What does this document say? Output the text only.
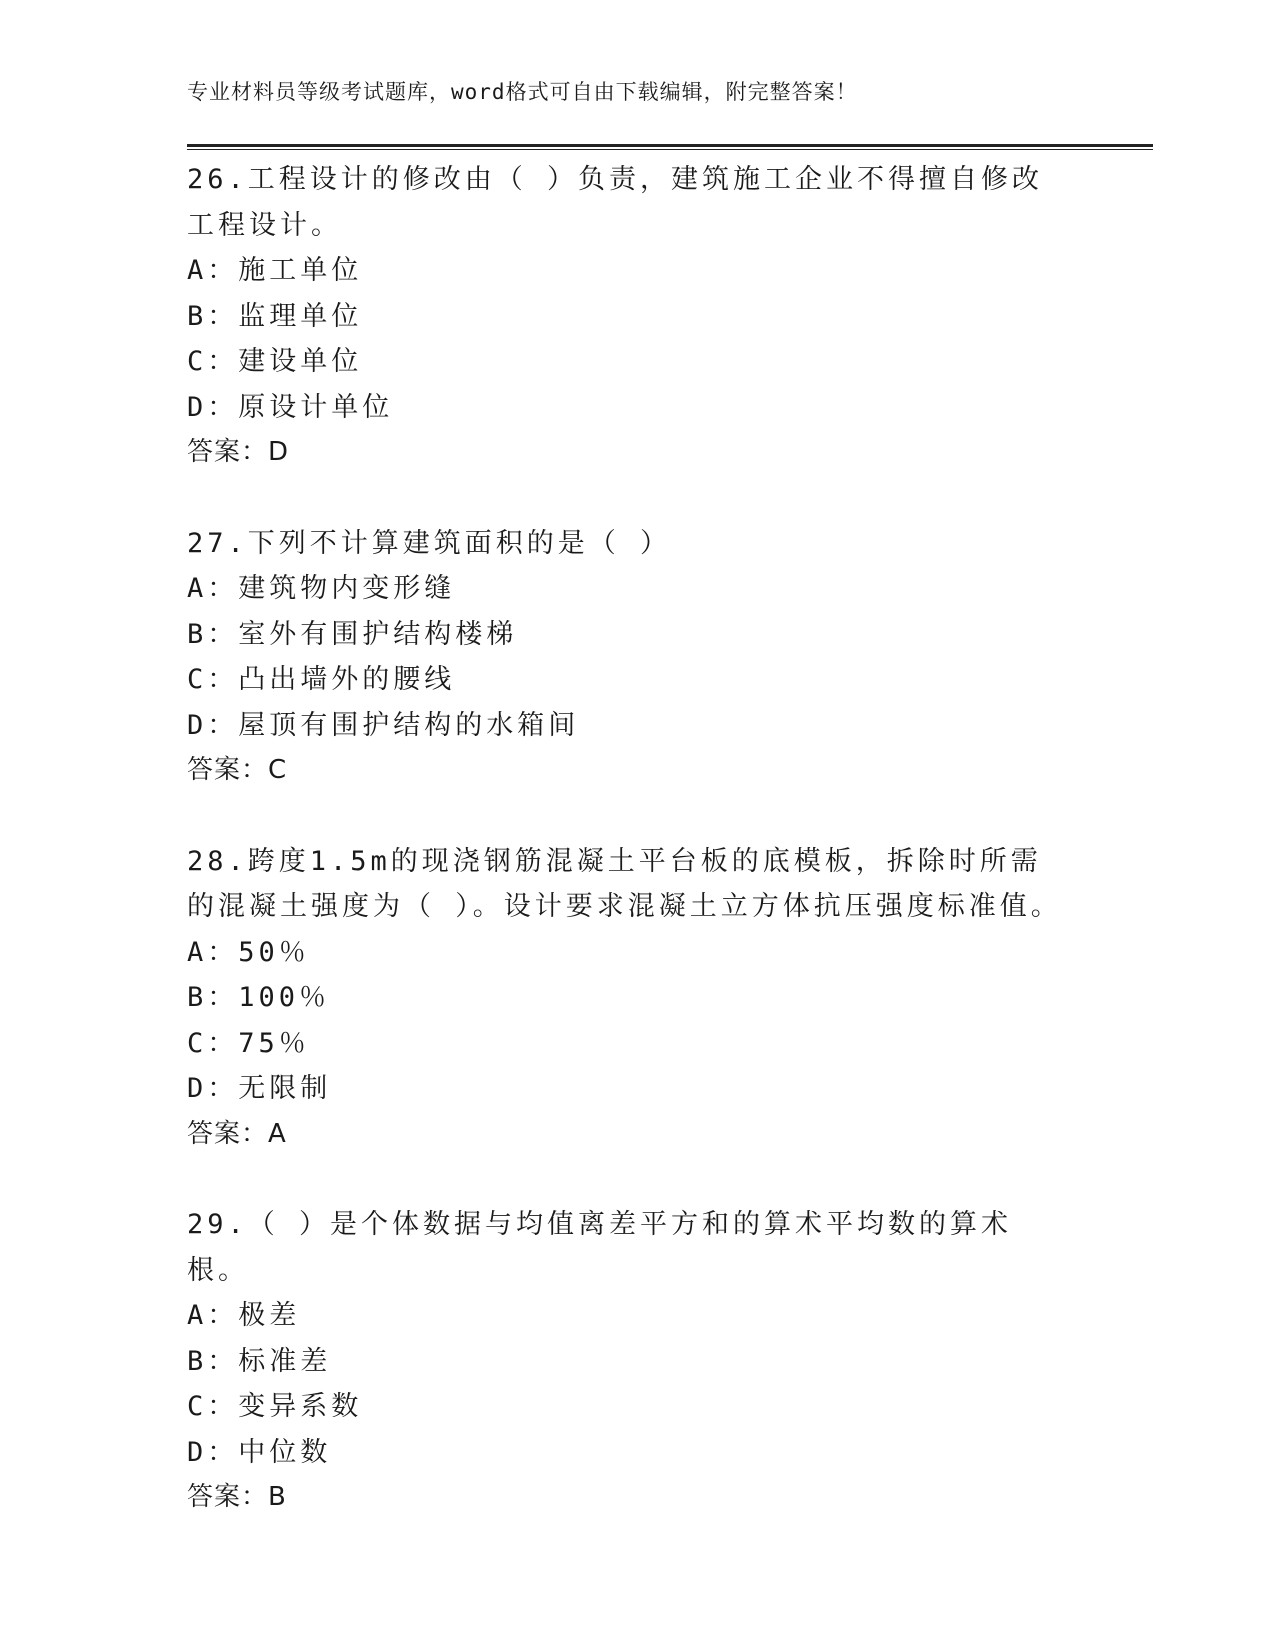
专业材料员等级考试题库，word格式可自由下载编辑，附完整答案！
26.工程设计的修改由（ ）负责，建筑施工企业不得擅自修改工程设计。
A：施工单位
B：监理单位
C：建设单位
D：原设计单位
答案：D
27.下列不计算建筑面积的是（ ）
A：建筑物内变形缝
B：室外有围护结构楼梯
C：凸出墙外的腰线
D：屋顶有围护结构的水箱间
答案：C
28.跨度1.5m的现浇钢筋混凝土平台板的底模板，拆除时所需的混凝土强度为（ ）。设计要求混凝土立方体抗压强度标准值。
A：50％
B：100％
C：75％
D：无限制
答案：A
29.（ ）是个体数据与均值离差平方和的算术平均数的算术根。
A：极差
B：标准差
C：变异系数
D：中位数
答案：B
